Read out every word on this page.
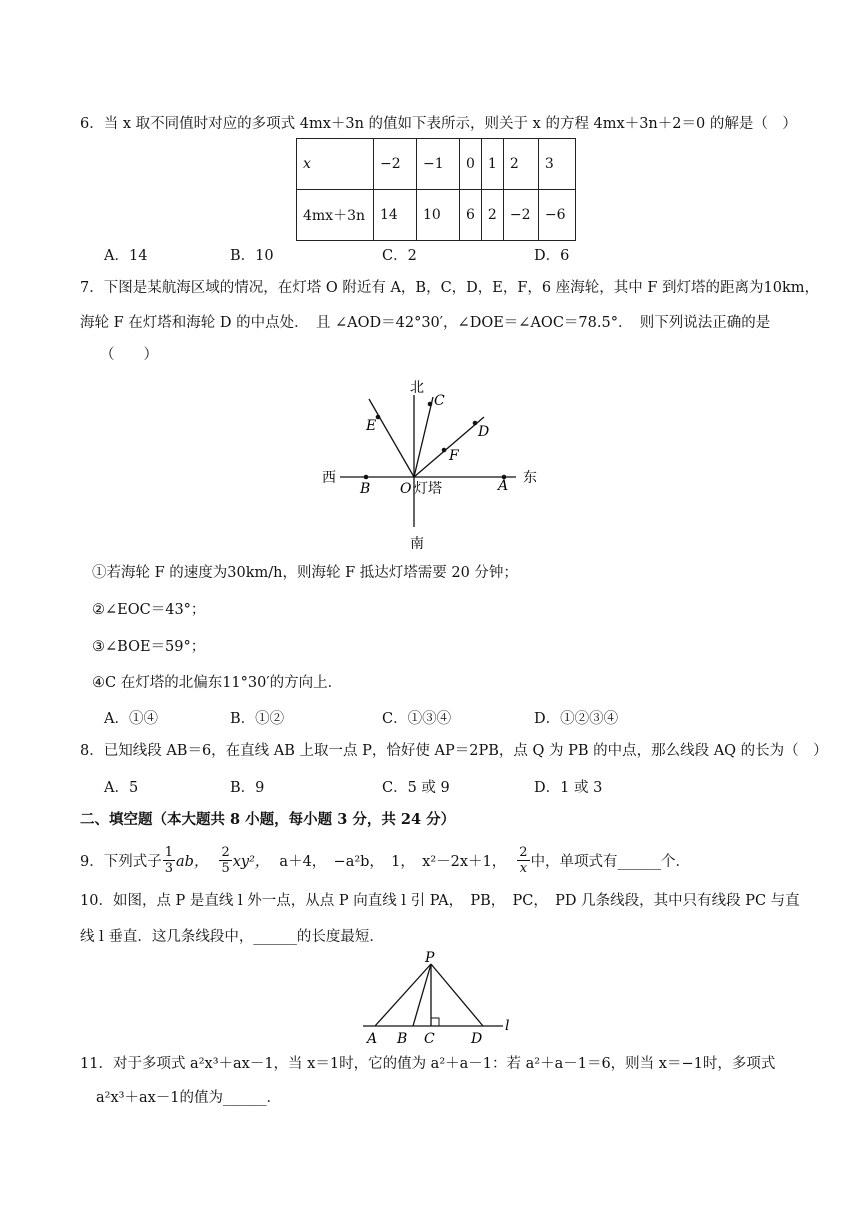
6．当 x 取不同值时对应的多项式 4mx＋3n 的值如下表所示，则关于 x 的方程 4mx＋3n＋2＝0 的解是（　）
x	−2	−1	0	1	2	3
4mx＋3n	14	10	6	2	−2	−6
A．14	B．10	C．2	D．6
7．下图是某航海区域的情况，在灯塔 O 附近有 A，B，C，D，E，F，6 座海轮，其中 F 到灯塔的距离为10km，
海轮 F 在灯塔和海轮 D 的中点处．　且 ∠AOD＝42°30′，∠DOE＝∠AOC＝78.5°．　则下列说法正确的是
（　　）
北
南
西	东
O 灯塔
B	A
C
D
E
F
①若海轮 F 的速度为30km/h，则海轮 F 抵达灯塔需要 20 分钟；
②∠EOC＝43°；
③∠BOE＝59°；
④C 在灯塔的北偏东11°30′的方向上．
A．①④	B．①②	C．①③④	D．①②③④
8．已知线段 AB＝6，在直线 AB 上取一点 P，恰好使 AP＝2PB，点 Q 为 PB 的中点，那么线段 AQ 的长为（　）
A．5	B．9	C．5 或 9	D．1 或 3
二、填空题（本大题共 8 小题，每小题 3 分，共 24 分）
9．下列式子 $\frac{1}{3}$ ab， $\frac{2}{5} xy^2$， a＋4，　−a²b，　1，　x²－2x＋1， $\frac{2}{x}$ 中，单项式有______个．
10．如图，点 P 是直线 l 外一点，从点 P 向直线 l 引 PA，　PB，　PC，　PD 几条线段，其中只有线段 PC 与直
线 l 垂直．这几条线段中，______的长度最短．
P
A B C	D
l
11．对于多项式 a²x³＋ax－1，当 x＝1时，它的值为 a²＋a－1：若 a²＋a－1＝6，则当 x＝−1时，多项式
a²x³＋ax－1的值为______．
